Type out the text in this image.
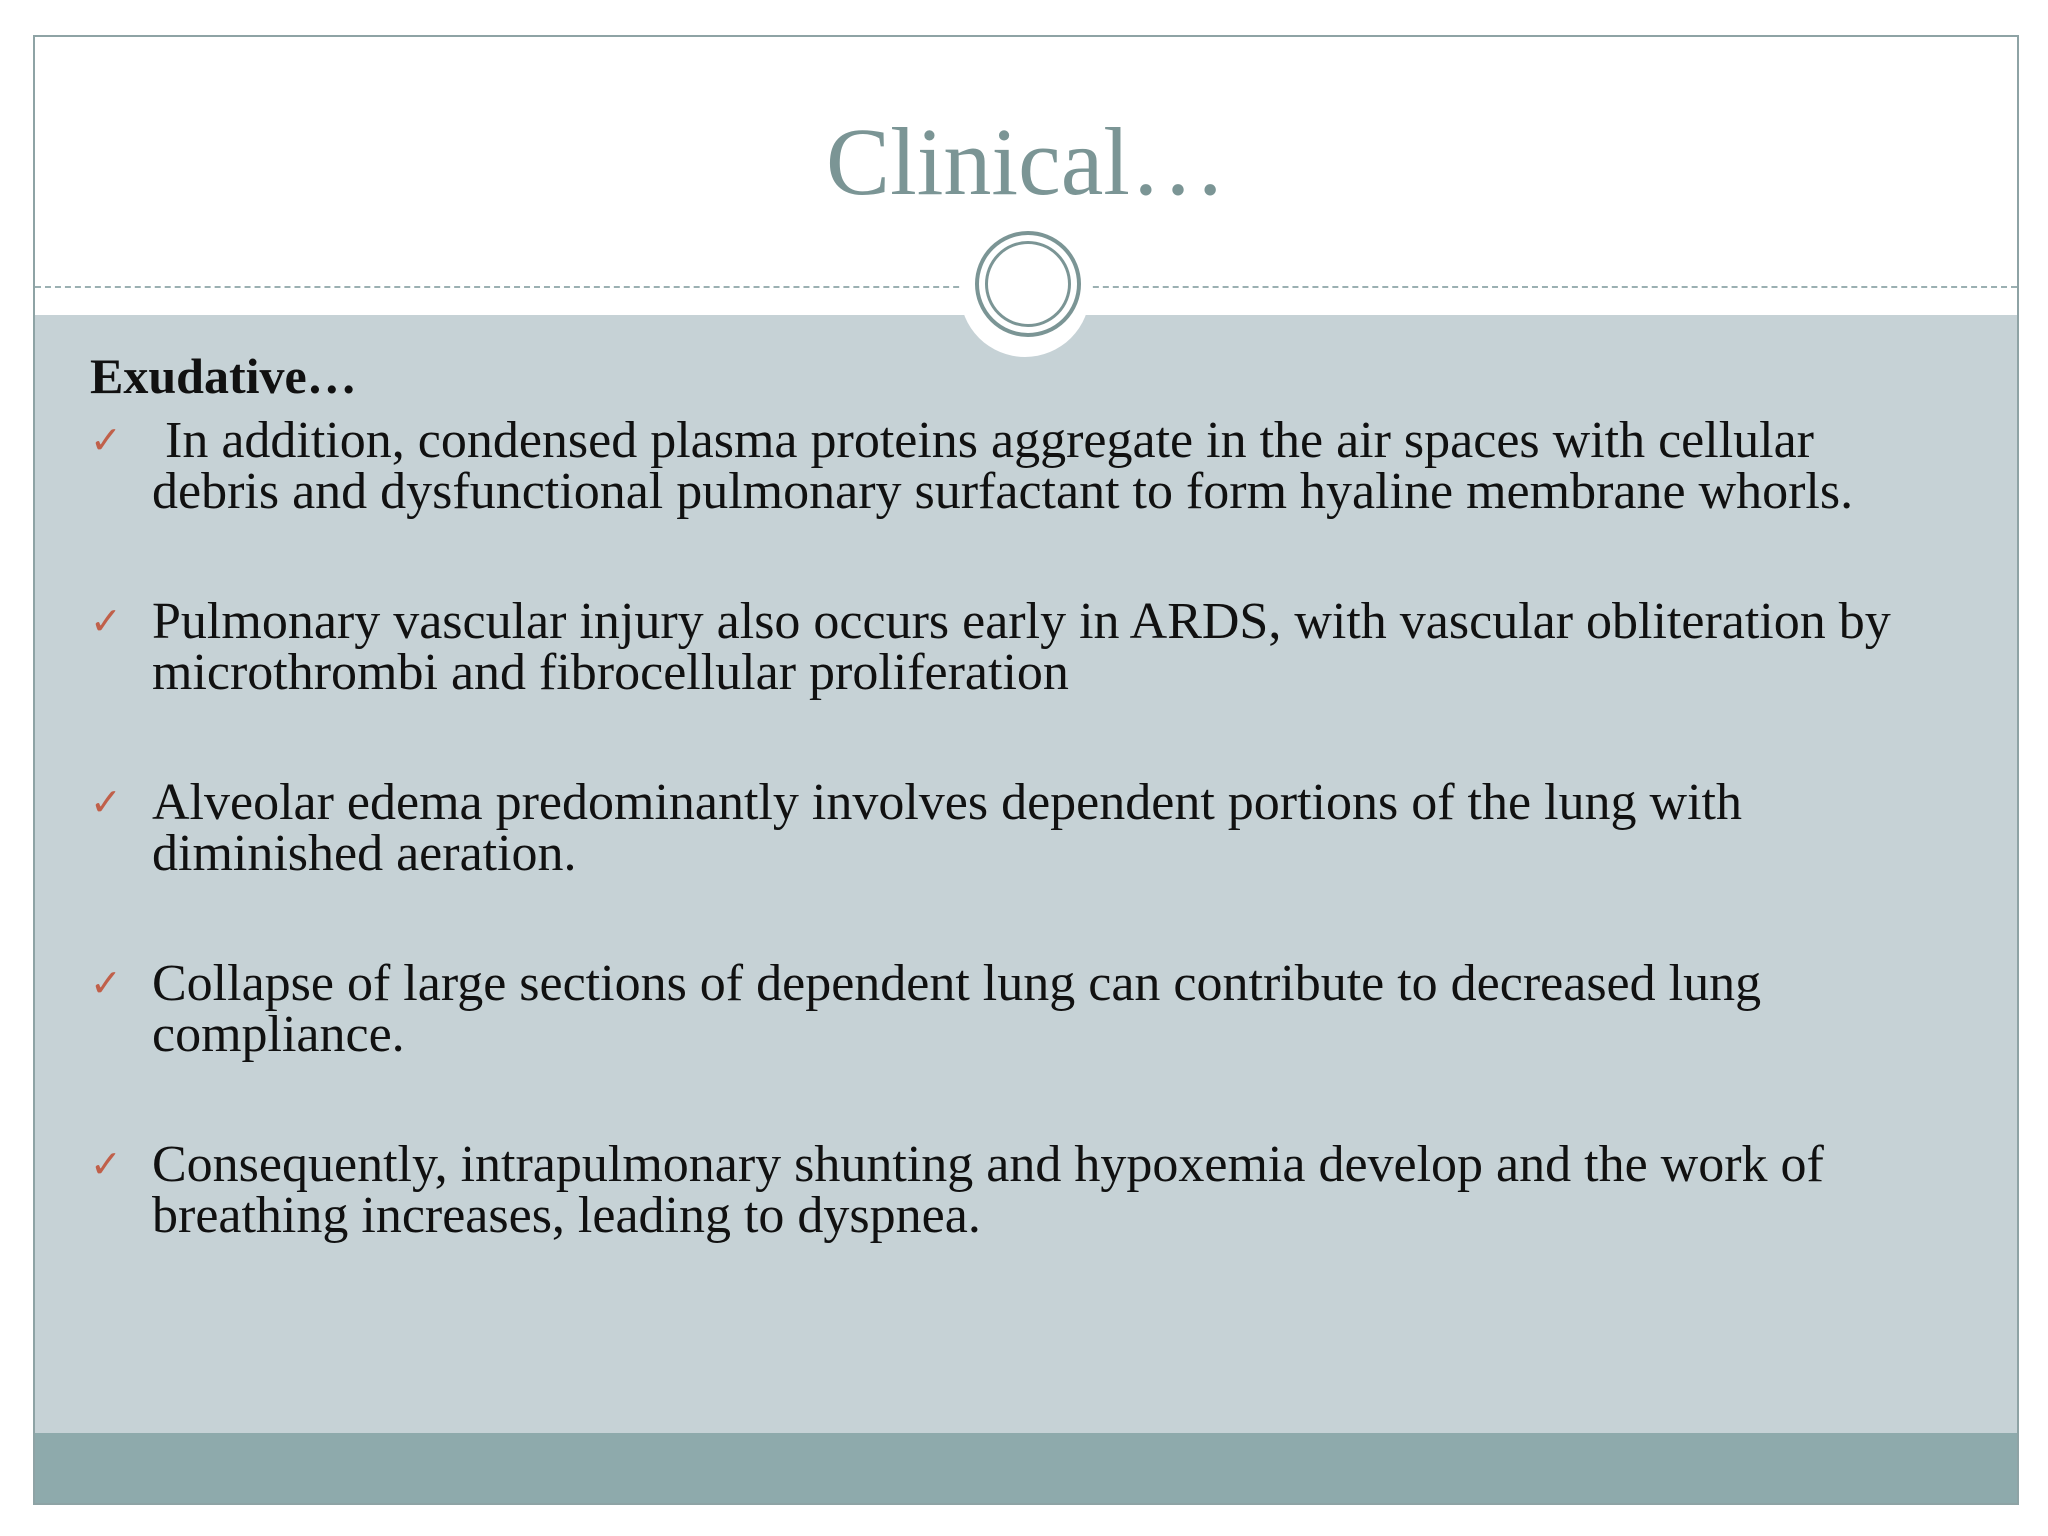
Clinical…
Exudative…
✓ In addition, condensed plasma proteins aggregate in the air spaces with cellular debris and dysfunctional pulmonary surfactant to form hyaline membrane whorls.
✓ Pulmonary vascular injury also occurs early in ARDS, with vascular obliteration by microthrombi and fibrocellular proliferation
✓ Alveolar edema predominantly involves dependent portions of the lung with diminished aeration.
✓ Collapse of large sections of dependent lung can contribute to decreased lung compliance.
✓ Consequently, intrapulmonary shunting and hypoxemia develop and the work of breathing increases, leading to dyspnea.
